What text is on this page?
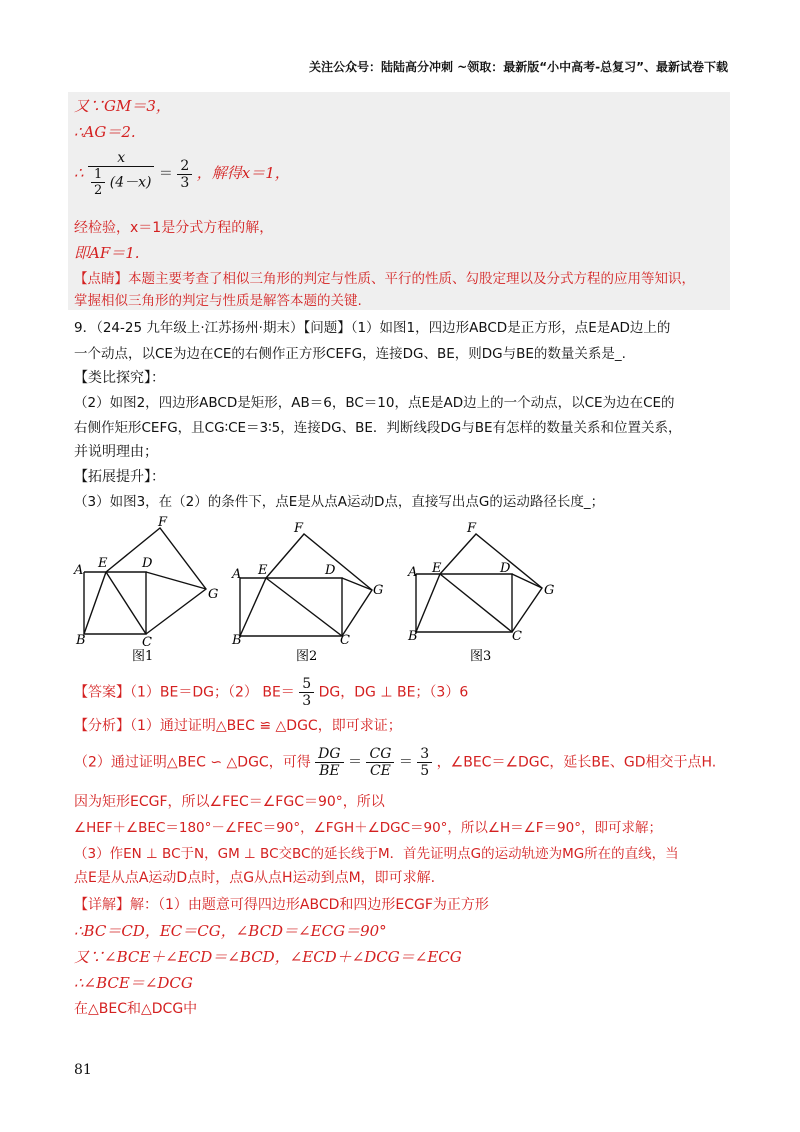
关注公众号：陆陆高分冲刺 ~领取：最新版“小中高考-总复习”、最新试卷下载
又∵GM＝3，
∴AG＝2.
∴ $\frac{x}{\frac{1}{2} (4-x)} = \frac{2}{3}$ ，解得x＝1，
经检验，x＝1是分式方程的解，
即AF＝1.
【点睛】本题主要考查了相似三角形的判定与性质、平行的性质、勾股定理以及分式方程的应用等知识，
掌握相似三角形的判定与性质是解答本题的关键.
9．（24-25 九年级上·江苏扬州·期末）【问题】（1）如图1，四边形ABCD是正方形，点E是AD边上的
一个动点，以CE为边在CE的右侧作正方形CEFG，连接DG、BE，则DG与BE的数量关系是_.
【类比探究】：
（2）如图2，四边形ABCD是矩形，AB＝6，BC＝10，点E是AD边上的一个动点，以CE为边在CE的
右侧作矩形CEFG，且CG∶CE＝3∶5，连接DG、BE．判断线段DG与BE有怎样的数量关系和位置关系，
并说明理由；
【拓展提升】：
（3）如图3，在（2）的条件下，点E是从点A运动D点，直接写出点G的运动路径长度_；
A
B	C
D
E
F
G
图1
A
B	C
D
E
F
G
图2
A
B	C
D
E
F
G
图3
【答案】（1）BE＝DG；（2） $BE= \frac{5}{3}$ DG，DG ⊥ BE；（3）6
【分析】（1）通过证明△BEC ≌ △DGC，即可求证；
（2）通过证明△BEC ∽ △DGC，可得 $\frac{DG}{BE} = \frac{CG}{CE} = \frac{3}{5}$ ，∠BEC＝∠DGC，延长BE、GD相交于点H.
因为矩形ECGF，所以∠FEC＝∠FGC＝90°，所以
∠HEF＋∠BEC＝180°－∠FEC＝90°，∠FGH＋∠DGC＝90°，所以∠H＝∠F＝90°，即可求解；
（3）作EN ⊥ BC于N，GM ⊥ BC交BC的延长线于M．首先证明点G的运动轨迹为MG所在的直线，当
点E是从点A运动D点时，点G从点H运动到点M，即可求解.
【详解】解：（1）由题意可得四边形ABCD和四边形ECGF为正方形
∴BC＝CD，EC＝CG，∠BCD＝∠ECG＝90°
又∵∠BCE＋∠ECD＝∠BCD，∠ECD＋∠DCG＝∠ECG
∴∠BCE＝∠DCG
在△BEC和△DCG中
81
